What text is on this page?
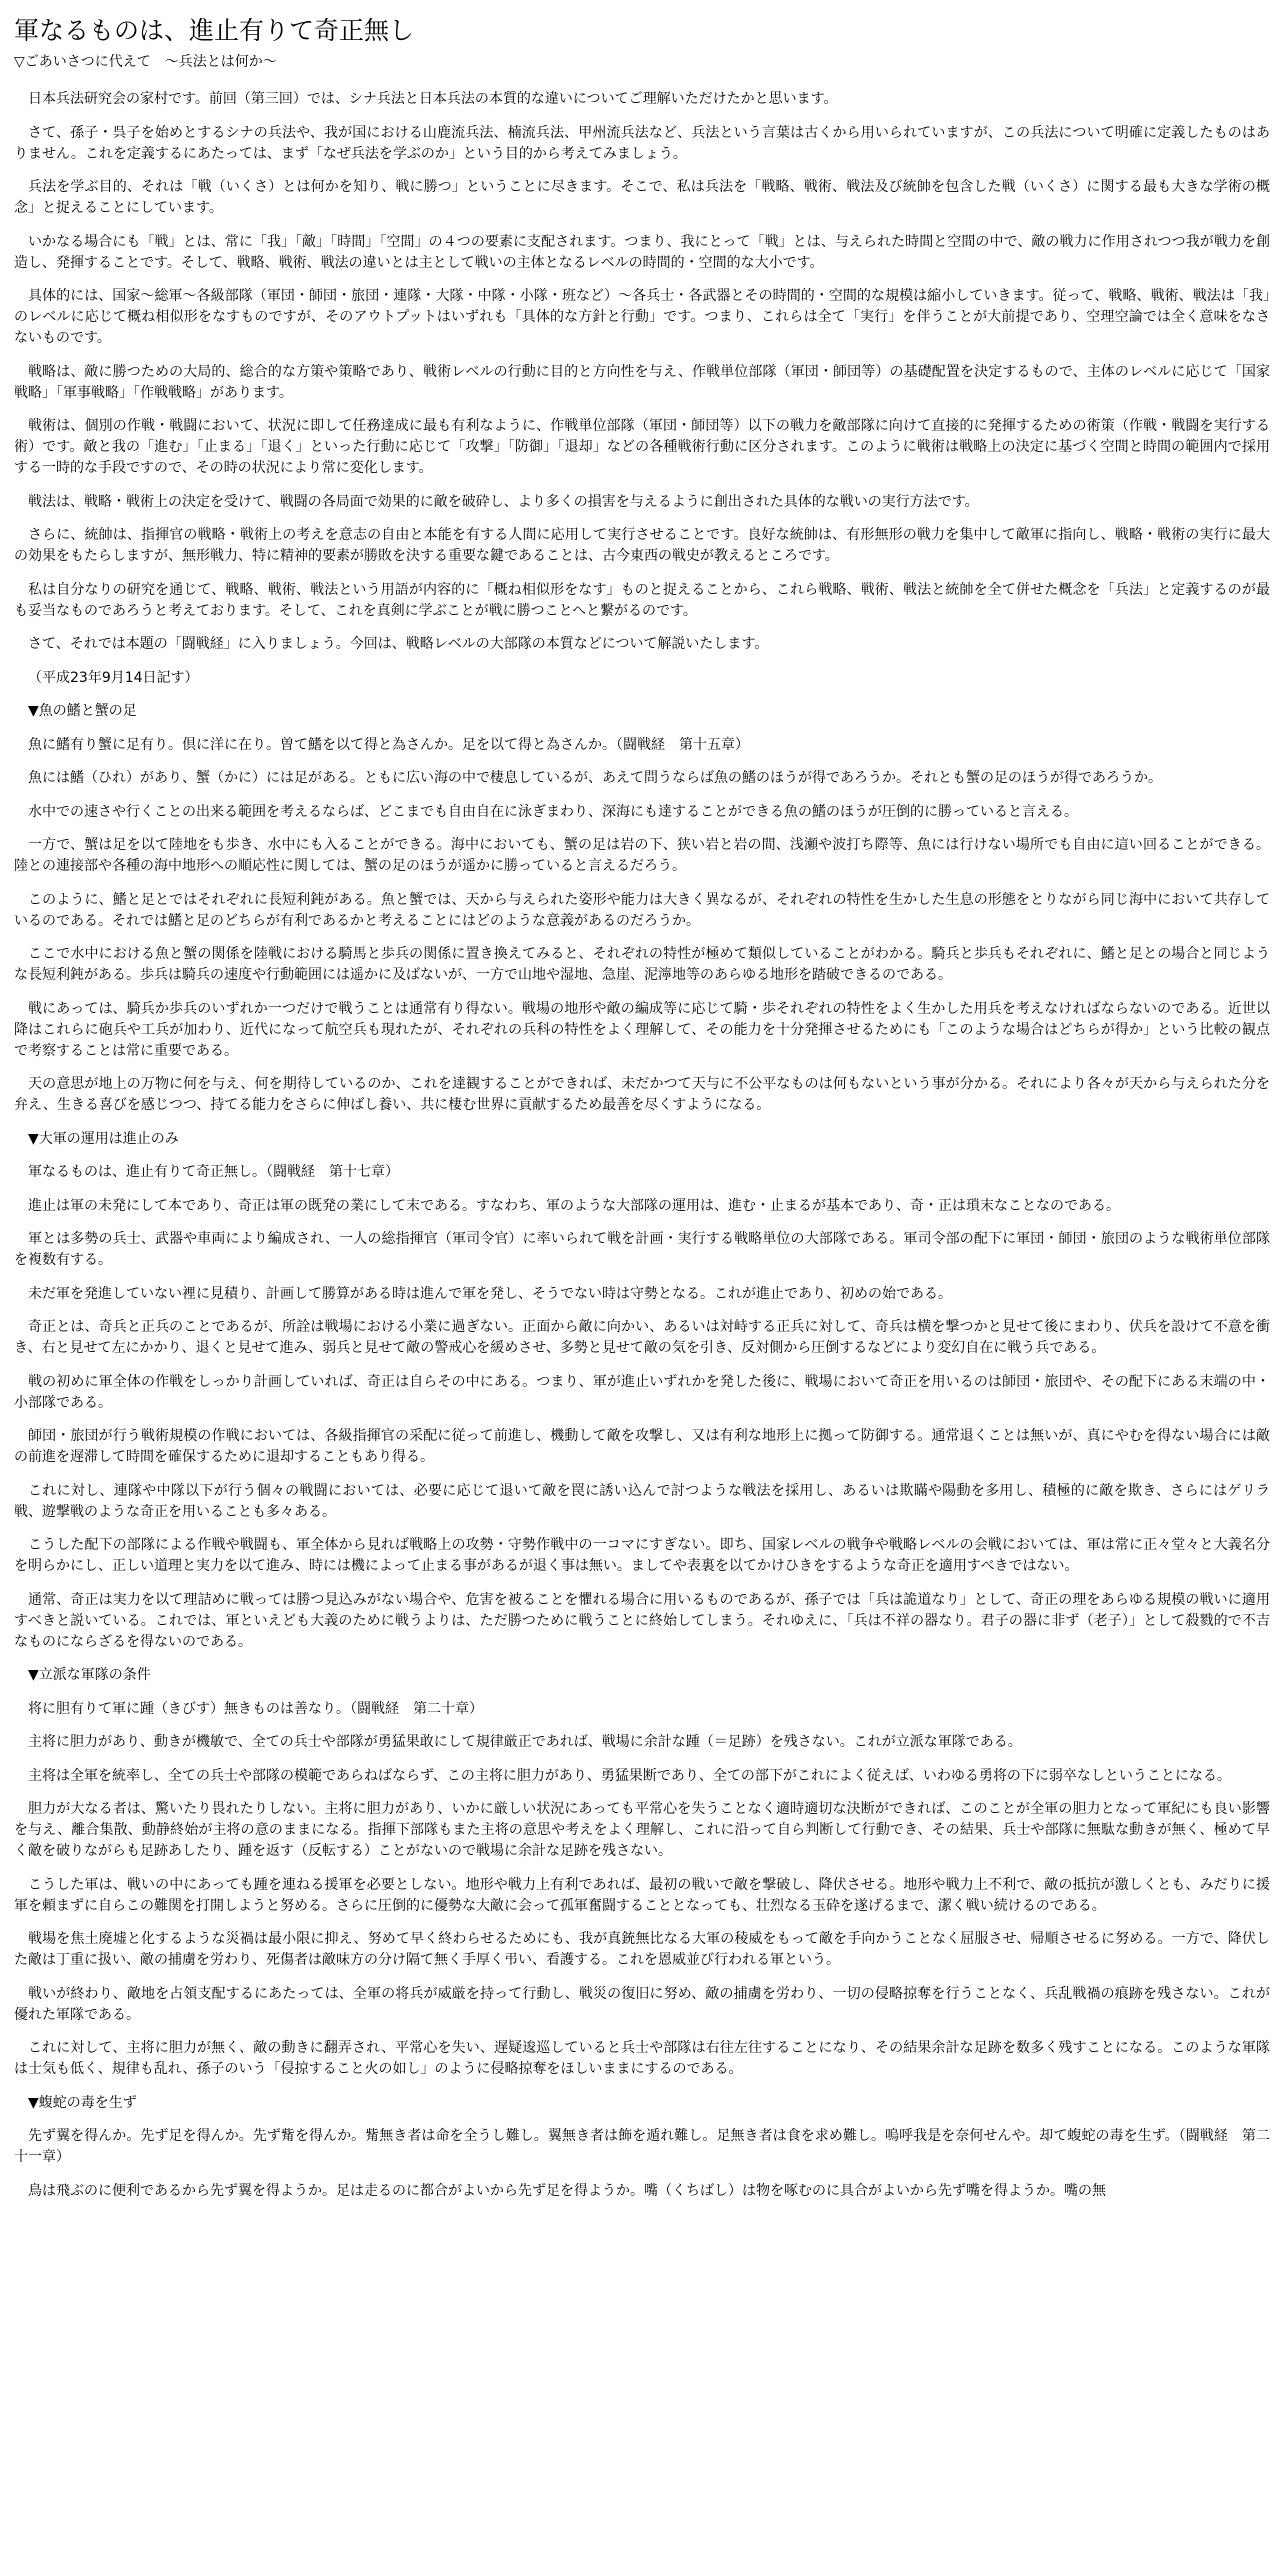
軍なるものは、進止有りて奇正無し
▽ごあいさつに代えて　～兵法とは何か～
日本兵法研究会の家村です。前回（第三回）では、シナ兵法と日本兵法の本質的な違いについてご理解いただけたかと思います。
さて、孫子・呉子を始めとするシナの兵法や、我が国における山鹿流兵法、楠流兵法、甲州流兵法など、兵法という言葉は古くから用いられていますが、この兵法について明確に定義したものはありません。これを定義するにあたっては、まず「なぜ兵法を学ぶのか」という目的から考えてみましょう。
兵法を学ぶ目的、それは「戦（いくさ）とは何かを知り、戦に勝つ」ということに尽きます。そこで、私は兵法を「戦略、戦術、戦法及び統帥を包含した戦（いくさ）に関する最も大きな学術の概念」と捉えることにしています。
いかなる場合にも「戦」とは、常に「我」「敵」「時間」「空間」の４つの要素に支配されます。つまり、我にとって「戦」とは、与えられた時間と空間の中で、敵の戦力に作用されつつ我が戦力を創造し、発揮することです。そして、戦略、戦術、戦法の違いとは主として戦いの主体となるレベルの時間的・空間的な大小です。
具体的には、国家～総軍～各級部隊（軍団・師団・旅団・連隊・大隊・中隊・小隊・班など）～各兵士・各武器とその時間的・空間的な規模は縮小していきます。従って、戦略、戦術、戦法は「我」のレベルに応じて概ね相似形をなすものですが、そのアウトプットはいずれも「具体的な方針と行動」です。つまり、これらは全て「実行」を伴うことが大前提であり、空理空論では全く意味をなさないものです。
戦略は、敵に勝つための大局的、総合的な方策や策略であり、戦術レベルの行動に目的と方向性を与え、作戦単位部隊（軍団・師団等）の基礎配置を決定するもので、主体のレベルに応じて「国家戦略」「軍事戦略」「作戦戦略」があります。
戦術は、個別の作戦・戦闘において、状況に即して任務達成に最も有利なように、作戦単位部隊（軍団・師団等）以下の戦力を敵部隊に向けて直接的に発揮するための術策（作戦・戦闘を実行する術）です。敵と我の「進む」「止まる」「退く」といった行動に応じて「攻撃」「防御」「退却」などの各種戦術行動に区分されます。このように戦術は戦略上の決定に基づく空間と時間の範囲内で採用する一時的な手段ですので、その時の状況により常に変化します。
戦法は、戦略・戦術上の決定を受けて、戦闘の各局面で効果的に敵を破砕し、より多くの損害を与えるように創出された具体的な戦いの実行方法です。
さらに、統帥は、指揮官の戦略・戦術上の考えを意志の自由と本能を有する人間に応用して実行させることです。良好な統帥は、有形無形の戦力を集中して敵軍に指向し、戦略・戦術の実行に最大の効果をもたらしますが、無形戦力、特に精神的要素が勝敗を決する重要な鍵であることは、古今東西の戦史が教えるところです。
私は自分なりの研究を通じて、戦略、戦術、戦法という用語が内容的に「概ね相似形をなす」ものと捉えることから、これら戦略、戦術、戦法と統帥を全て併せた概念を「兵法」と定義するのが最も妥当なものであろうと考えております。そして、これを真剣に学ぶことが戦に勝つことへと繋がるのです。
さて、それでは本題の「闘戦経」に入りましょう。今回は、戦略レベルの大部隊の本質などについて解説いたします。
（平成23年9月14日記す）
▼魚の鰭と蟹の足
魚に鰭有り蟹に足有り。倶に洋に在り。曽て鰭を以て得と為さんか。足を以て得と為さんか。（闘戦経　第十五章）
魚には鰭（ひれ）があり、蟹（かに）には足がある。ともに広い海の中で棲息しているが、あえて問うならば魚の鰭のほうが得であろうか。それとも蟹の足のほうが得であろうか。
水中での速さや行くことの出来る範囲を考えるならば、どこまでも自由自在に泳ぎまわり、深海にも達することができる魚の鰭のほうが圧倒的に勝っていると言える。
一方で、蟹は足を以て陸地をも歩き、水中にも入ることができる。海中においても、蟹の足は岩の下、狭い岩と岩の間、浅瀬や波打ち際等、魚には行けない場所でも自由に這い回ることができる。陸との連接部や各種の海中地形への順応性に関しては、蟹の足のほうが遥かに勝っていると言えるだろう。
このように、鰭と足とではそれぞれに長短利鈍がある。魚と蟹では、天から与えられた姿形や能力は大きく異なるが、それぞれの特性を生かした生息の形態をとりながら同じ海中において共存しているのである。それでは鰭と足のどちらが有利であるかと考えることにはどのような意義があるのだろうか。
ここで水中における魚と蟹の関係を陸戦における騎馬と歩兵の関係に置き換えてみると、それぞれの特性が極めて類似していることがわかる。騎兵と歩兵もそれぞれに、鰭と足との場合と同じような長短利鈍がある。歩兵は騎兵の速度や行動範囲には遥かに及ばないが、一方で山地や湿地、急崖、泥濘地等のあらゆる地形を踏破できるのである。
戦にあっては、騎兵か歩兵のいずれか一つだけで戦うことは通常有り得ない。戦場の地形や敵の編成等に応じて騎・歩それぞれの特性をよく生かした用兵を考えなければならないのである。近世以降はこれらに砲兵や工兵が加わり、近代になって航空兵も現れたが、それぞれの兵科の特性をよく理解して、その能力を十分発揮させるためにも「このような場合はどちらが得か」という比較の観点で考察することは常に重要である。
天の意思が地上の万物に何を与え、何を期待しているのか、これを達観することができれば、未だかつて天与に不公平なものは何もないという事が分かる。それにより各々が天から与えられた分を弁え、生きる喜びを感じつつ、持てる能力をさらに伸ばし養い、共に棲む世界に貢献するため最善を尽くすようになる。
▼大軍の運用は進止のみ
軍なるものは、進止有りて奇正無し。（闘戦経　第十七章）
進止は軍の未発にして本であり、奇正は軍の既発の業にして末である。すなわち、軍のような大部隊の運用は、進む・止まるが基本であり、奇・正は瑣末なことなのである。
軍とは多勢の兵士、武器や車両により編成され、一人の総指揮官（軍司令官）に率いられて戦を計画・実行する戦略単位の大部隊である。軍司令部の配下に軍団・師団・旅団のような戦術単位部隊を複数有する。
未だ軍を発進していない裡に見積り、計画して勝算がある時は進んで軍を発し、そうでない時は守勢となる。これが進止であり、初めの始である。
奇正とは、奇兵と正兵のことであるが、所詮は戦場における小業に過ぎない。正面から敵に向かい、あるいは対峙する正兵に対して、奇兵は横を撃つかと見せて後にまわり、伏兵を設けて不意を衝き、右と見せて左にかかり、退くと見せて進み、弱兵と見せて敵の警戒心を緩めさせ、多勢と見せて敵の気を引き、反対側から圧倒するなどにより変幻自在に戦う兵である。
戦の初めに軍全体の作戦をしっかり計画していれば、奇正は自らその中にある。つまり、軍が進止いずれかを発した後に、戦場において奇正を用いるのは師団・旅団や、その配下にある末端の中・小部隊である。
師団・旅団が行う戦術規模の作戦においては、各級指揮官の采配に従って前進し、機動して敵を攻撃し、又は有利な地形上に拠って防御する。通常退くことは無いが、真にやむを得ない場合には敵の前進を遅滞して時間を確保するために退却することもあり得る。
これに対し、連隊や中隊以下が行う個々の戦闘においては、必要に応じて退いて敵を罠に誘い込んで討つような戦法を採用し、あるいは欺瞞や陽動を多用し、積極的に敵を欺き、さらにはゲリラ戦、遊撃戦のような奇正を用いることも多々ある。
こうした配下の部隊による作戦や戦闘も、軍全体から見れば戦略上の攻勢・守勢作戦中の一コマにすぎない。即ち、国家レベルの戦争や戦略レベルの会戦においては、軍は常に正々堂々と大義名分を明らかにし、正しい道理と実力を以て進み、時には機によって止まる事があるが退く事は無い。ましてや表裏を以てかけひきをするような奇正を適用すべきではない。
通常、奇正は実力を以て理詰めに戦っては勝つ見込みがない場合や、危害を被ることを懼れる場合に用いるものであるが、孫子では「兵は詭道なり」として、奇正の理をあらゆる規模の戦いに適用すべきと説いている。これでは、軍といえども大義のために戦うよりは、ただ勝つために戦うことに終始してしまう。それゆえに、「兵は不祥の器なり。君子の器に非ず（老子）」として殺戮的で不吉なものにならざるを得ないのである。
▼立派な軍隊の条件
将に胆有りて軍に踵（きびす）無きものは善なり。（闘戦経　第二十章）
主将に胆力があり、動きが機敏で、全ての兵士や部隊が勇猛果敢にして規律厳正であれば、戦場に余計な踵（＝足跡）を残さない。これが立派な軍隊である。
主将は全軍を統率し、全ての兵士や部隊の模範であらねばならず、この主将に胆力があり、勇猛果断であり、全ての部下がこれによく従えば、いわゆる勇将の下に弱卒なしということになる。
胆力が大なる者は、驚いたり畏れたりしない。主将に胆力があり、いかに厳しい状況にあっても平常心を失うことなく適時適切な決断ができれば、このことが全軍の胆力となって軍紀にも良い影響を与え、離合集散、動静終始が主将の意のままになる。指揮下部隊もまた主将の意思や考えをよく理解し、これに沿って自ら判断して行動でき、その結果、兵士や部隊に無駄な動きが無く、極めて早く敵を破りながらも足跡あしたり、踵を返す（反転する）ことがないので戦場に余計な足跡を残さない。
こうした軍は、戦いの中にあっても踵を連ねる援軍を必要としない。地形や戦力上有利であれば、最初の戦いで敵を撃破し、降伏させる。地形や戦力上不利で、敵の抵抗が激しくとも、みだりに援軍を頼まずに自らこの難関を打開しようと努める。さらに圧倒的に優勢な大敵に会って孤軍奮闘することとなっても、壮烈なる玉砕を遂げるまで、潔く戦い続けるのである。
戦場を焦土廃墟と化するような災禍は最小限に抑え、努めて早く終わらせるためにも、我が真銃無比なる大軍の稜威をもって敵を手向かうことなく屈服させ、帰順させるに努める。一方で、降伏した敵は丁重に扱い、敵の捕虜を労わり、死傷者は敵味方の分け隔て無く手厚く弔い、看護する。これを恩威並び行われる軍という。
戦いが終わり、敵地を占領支配するにあたっては、全軍の将兵が威厳を持って行動し、戦災の復旧に努め、敵の捕虜を労わり、一切の侵略掠奪を行うことなく、兵乱戦禍の痕跡を残さない。これが優れた軍隊である。
これに対して、主将に胆力が無く、敵の動きに翻弄され、平常心を失い、遅疑逡巡していると兵士や部隊は右往左往することになり、その結果余計な足跡を数多く残すことになる。このような軍隊は士気も低く、規律も乱れ、孫子のいう「侵掠すること火の如し」のように侵略掠奪をほしいままにするのである。
▼蝮蛇の毒を生ず
先ず翼を得んか。先ず足を得んか。先ず觜を得んか。觜無き者は命を全うし難し。翼無き者は飾を遁れ難し。足無き者は食を求め難し。嗚呼我是を奈何せんや。却て蝮蛇の毒を生ず。（闘戦経　第二十一章）
鳥は飛ぶのに便利であるから先ず翼を得ようか。足は走るのに都合がよいから先ず足を得ようか。嘴（くちばし）は物を啄むのに具合がよいから先ず嘴を得ようか。嘴の無
